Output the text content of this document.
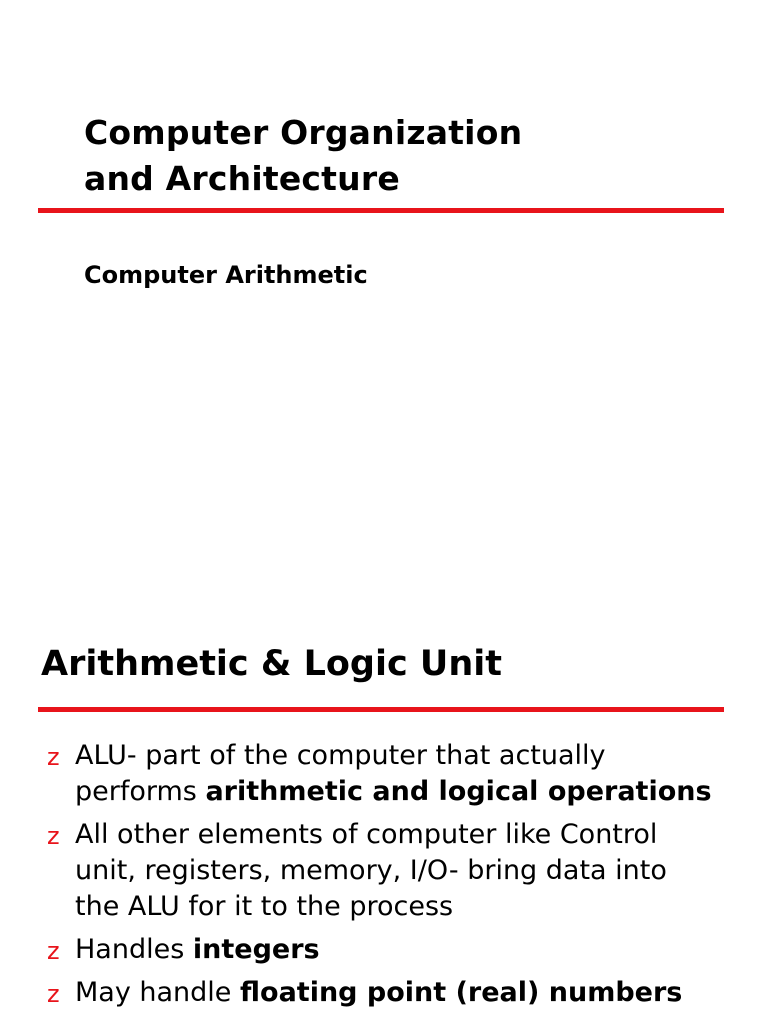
Computer Organization
and Architecture
Computer Arithmetic
Arithmetic & Logic Unit
z ALU- part of the computer that actually performs arithmetic and logical operations
z All other elements of computer like Control unit, registers, memory, I/O- bring data into the ALU for it to the process
z Handles integers
z May handle floating point (real) numbers
